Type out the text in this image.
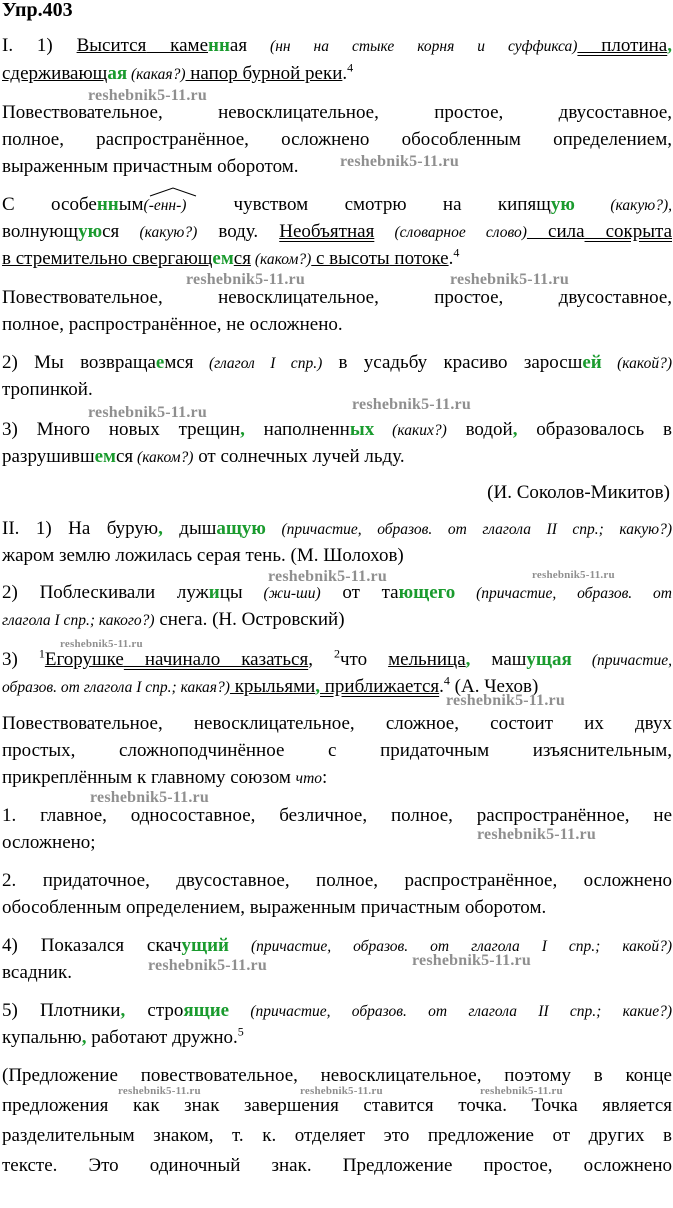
Упр.403
I. 1) Высится каменная (нн на стыке корня и суффикса) плотина,
сдерживающая (какая?) напор бурной реки.$^4$
Повествовательное, невосклицательное, простое, двусоставное,
полное, распространённое, осложнено обособленным определением,
выраженным причастным оборотом.
С особенным
(-енн-) чувством смотрю на кипящую (какую?),
волнующуюся (какую?) воду. Необъятная (словарное слово) сила сокрыта
в стремительно свергающемся (каком?) с высоты потоке.$^4$
Повествовательное, невосклицательное, простое, двусоставное,
полное, распространённое, не осложнено.
2) Мы возвращаемся (глагол I спр.) в усадьбу красиво заросшей (какой?)
тропинкой.
3) Много новых трещин, наполненных (каких?) водой, образовалось в
разрушившемся (каком?) от солнечных лучей льду.
(И. Соколов-Микитов)
II. 1) На бурую, дышащую (причастие, образов. от глагола II спр.; какую?)
жаром землю ложилась серая тень. (М. Шолохов)
2) Поблескивали лужицы (жи-ши) от тающего (причастие, образов. от
глагола I спр.; какого?) снега. (Н. Островский)
3) $^1$Егорушке начинало казаться, $^2$что мельница, машущая (причастие,
образов. от глагола I спр.; какая?) крыльями, приближается.$^4$ (А. Чехов)
Повествовательное, невосклицательное, сложное, состоит их двух
простых, сложноподчинённое с придаточным изъяснительным,
прикреплённым к главному союзом что:
1. главное, односоставное, безличное, полное, распространённое, не
осложнено;
2. придаточное, двусоставное, полное, распространённое, осложнено
обособленным определением, выраженным причастным оборотом.
4) Показался скачущий (причастие, образов. от глагола I спр.; какой?)
всадник.
5) Плотники, строящие (причастие, образов. от глагола II спр.; какие?)
купальню, работают дружно.$^5$
(Предложение повествовательное, невосклицательное, поэтому в конце
предложения как знак завершения ставится точка. Точка является
разделительным знаком, т. к. отделяет это предложение от других в
тексте. Это одиночный знак. Предложение простое, осложнено
reshebnik5-11.ru
reshebnik5-11.ru
reshebnik5-11.ru	reshebnik5-11.ru
reshebnik5-11.ru
reshebnik5-11.ru
reshebnik5-11.ru	reshebnik5-11.ru
reshebnik5-11.ru
reshebnik5-11.ru
reshebnik5-11.ru
reshebnik5-11.ru
reshebnik5-11.ru	reshebnik5-11.ru
reshebnik5-11.ru	reshebnik5-11.ru	reshebnik5-11.ru
